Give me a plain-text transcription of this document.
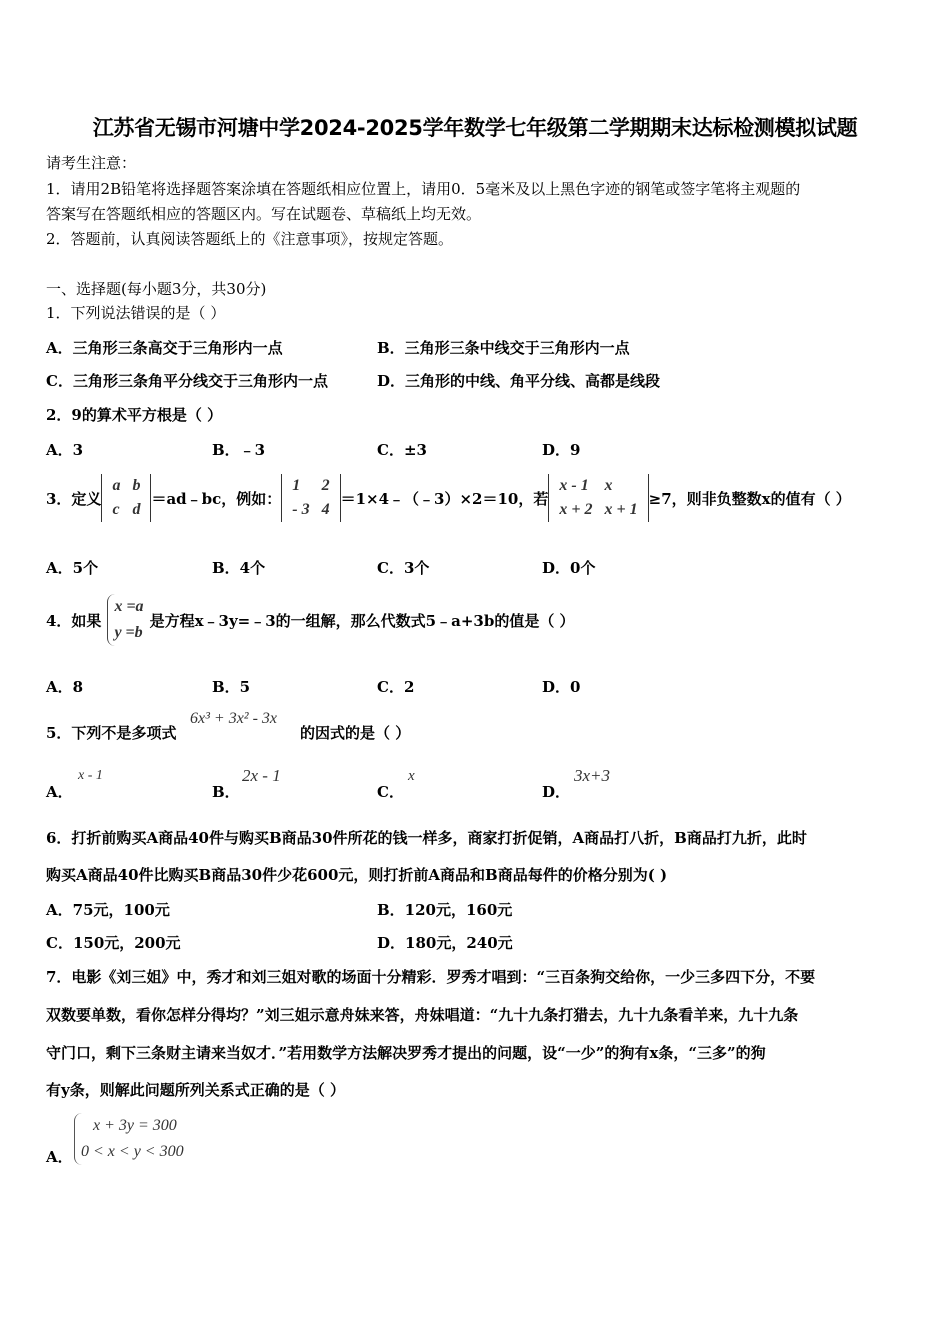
江苏省无锡市河塘中学2024-2025学年数学七年级第二学期期末达标检测模拟试题
请考生注意：
1．请用2B铅笔将选择题答案涂填在答题纸相应位置上，请用0．5毫米及以上黑色字迹的钢笔或签字笔将主观题的
答案写在答题纸相应的答题区内。写在试题卷、草稿纸上均无效。
2．答题前，认真阅读答题纸上的《注意事项》，按规定答题。
一、选择题(每小题3分，共30分)
1．下列说法错误的是（ ）
A．三角形三条高交于三角形内一点	B．三角形三条中线交于三角形内一点
C．三角形三条角平分线交于三角形内一点	D．三角形的中线、角平分线、高都是线段
2．9的算术平方根是（ ）
A．3	B．﹣3	C．±3	D．9
3．定义
a	b
c	d
＝ad﹣bc，例如：
1	2
- 3	4
＝1×4﹣（﹣3）×2＝10，若
x - 1	x
x + 2	x + 1
≥7，则非负整数x的值有（ ）
A．5个	B．4个	C．3个	D．0个
4．如果
x =a
y =b
是方程x﹣3y=﹣3的一组解，那么代数式5﹣a+3b的值是（ ）
A．8	B．5	C．2	D．0
5．下列不是多项式
6x³ + 3x² - 3x
的因式的是（ ）
A．
x - 1
B．
2x - 1
C．
x
D．
3x+3
6．打折前购买A商品40件与购买B商品30件所花的钱一样多，商家打折促销，A商品打八折，B商品打九折，此时
购买A商品40件比购买B商品30件少花600元，则打折前A商品和B商品每件的价格分别为( )
A．75元，100元	B．120元，160元
C．150元，200元	D．180元，240元
7．电影《刘三姐》中，秀才和刘三姐对歌的场面十分精彩．罗秀才唱到：“三百条狗交给你，一少三多四下分，不要
双数要单数，看你怎样分得均？”刘三姐示意舟妹来答，舟妹唱道：“九十九条打猎去，九十九条看羊来，九十九条
守门口，剩下三条财主请来当奴才．”若用数学方法解决罗秀才提出的问题，设“一少”的狗有x条，“三多”的狗
有y条，则解此问题所列关系式正确的是（ ）
A．
x + 3y = 300
0 < x < y < 300
